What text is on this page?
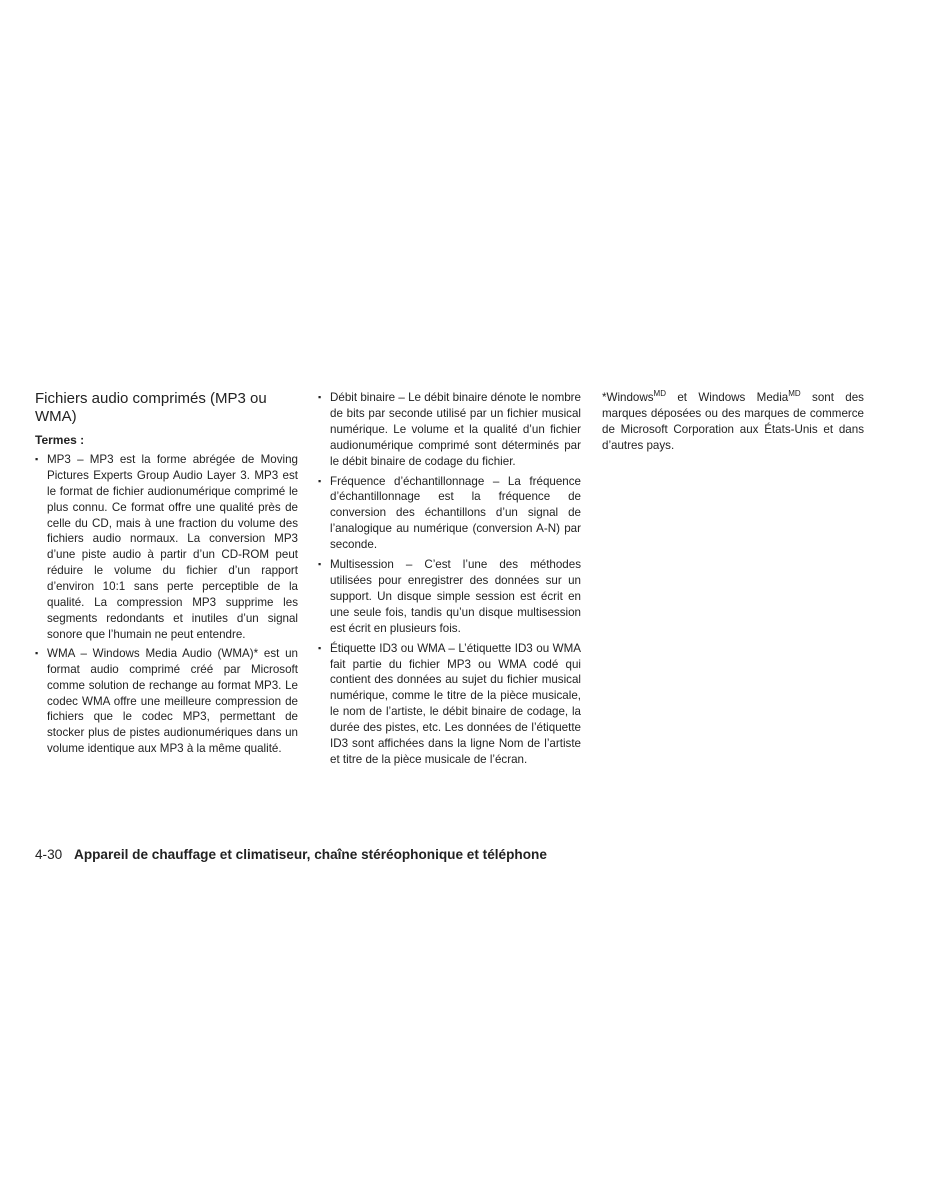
Fichiers audio comprimés (MP3 ou WMA)
Termes :
▪ MP3 – MP3 est la forme abrégée de Moving Pictures Experts Group Audio Layer 3. MP3 est le format de fichier audionumérique comprimé le plus connu. Ce format offre une qualité près de celle du CD, mais à une fraction du volume des fichiers audio normaux. La conversion MP3 d’une piste audio à partir d’un CD-ROM peut réduire le volume du fichier d’un rapport d’environ 10:1 sans perte perceptible de la qualité. La compression MP3 supprime les segments redondants et inutiles d’un signal sonore que l’humain ne peut entendre.
▪ WMA – Windows Media Audio (WMA)* est un format audio comprimé créé par Microsoft comme solution de rechange au format MP3. Le codec WMA offre une meilleure compression de fichiers que le codec MP3, permettant de stocker plus de pistes audionumériques dans un volume identique aux MP3 à la même qualité.
▪ Débit binaire – Le débit binaire dénote le nombre de bits par seconde utilisé par un fichier musical numérique. Le volume et la qualité d’un fichier audionumérique comprimé sont déterminés par le débit binaire de codage du fichier.
▪ Fréquence d’échantillonnage – La fréquence d’échantillonnage est la fréquence de conversion des échantillons d’un signal de l’analogique au numérique (conversion A-N) par seconde.
▪ Multisession – C’est l’une des méthodes utilisées pour enregistrer des données sur un support. Un disque simple session est écrit en une seule fois, tandis qu’un disque multisession est écrit en plusieurs fois.
▪ Étiquette ID3 ou WMA – L’étiquette ID3 ou WMA fait partie du fichier MP3 ou WMA codé qui contient des données au sujet du fichier musical numérique, comme le titre de la pièce musicale, le nom de l’artiste, le débit binaire de codage, la durée des pistes, etc. Les données de l’étiquette ID3 sont affichées dans la ligne Nom de l’artiste et titre de la pièce musicale de l’écran.

*Windows$^{MD}$ et Windows Media$^{MD}$ sont des marques déposées ou des marques de commerce de Microsoft Corporation aux États-Unis et dans d’autres pays.

4-30 Appareil de chauffage et climatiseur, chaîne stéréophonique et téléphone
